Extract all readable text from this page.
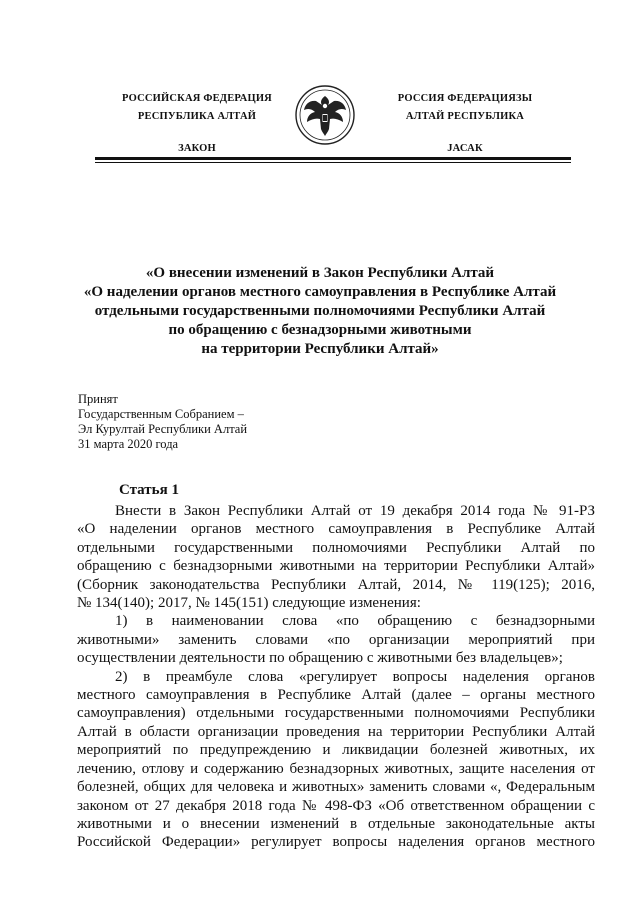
РОССИЙСКАЯ ФЕДЕРАЦИЯ
РЕСПУБЛИКА АЛТАЙ
ЗАКОН
РОССИЯ ФЕДЕРАЦИЯЗЫ
АЛТАЙ РЕСПУБЛИКА
JАСАК
«О внесении изменений в Закон Республики Алтай
«О наделении органов местного самоуправления в Республике Алтай
отдельными государственными полномочиями Республики Алтай
по обращению с безнадзорными животными
на территории Республики Алтай»
Принят
Государственным Собранием –
Эл Курултай Республики Алтай
31 марта 2020 года
Статья 1
Внести в Закон Республики Алтай от 19 декабря 2014 года № 91-РЗ
«О наделении органов местного самоуправления в Республике Алтай
отдельными государственными полномочиями Республики Алтай по
обращению с безнадзорными животными на территории Республики Алтай»
(Сборник законодательства Республики Алтай, 2014, № 119(125); 2016,
№ 134(140); 2017, № 145(151) следующие изменения:
1) в наименовании слова «по обращению с безнадзорными
животными» заменить словами «по организации мероприятий при
осуществлении деятельности по обращению с животными без владельцев»;
2) в преамбуле слова «регулирует вопросы наделения органов
местного самоуправления в Республике Алтай (далее – органы местного
самоуправления) отдельными государственными полномочиями Республики
Алтай в области организации проведения на территории Республики Алтай
мероприятий по предупреждению и ликвидации болезней животных, их
лечению, отлову и содержанию безнадзорных животных, защите населения от
болезней, общих для человека и животных» заменить словами «, Федеральным
законом от 27 декабря 2018 года № 498-ФЗ «Об ответственном обращении с
животными и о внесении изменений в отдельные законодательные акты
Российской Федерации» регулирует вопросы наделения органов местного
